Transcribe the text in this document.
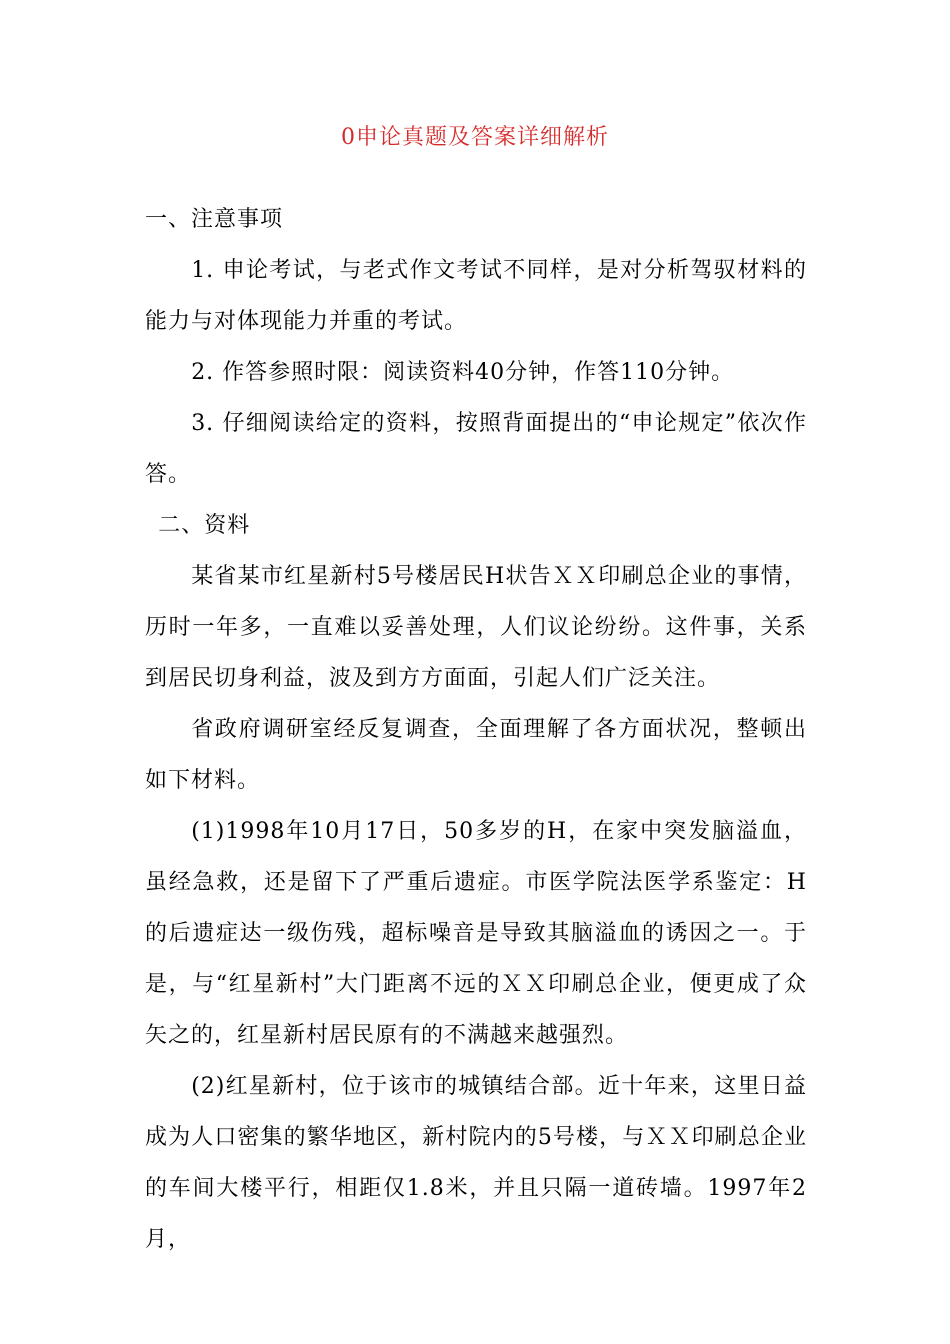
0申论真题及答案详细解析

一、注意事项

1. 申论考试，与老式作文考试不同样，是对分析驾驭材料的能力与对体现能力并重的考试。

2. 作答参照时限：阅读资料40分钟，作答110分钟。

3. 仔细阅读给定的资料，按照背面提出的“申论规定”依次作答。

二、资料

某省某市红星新村5号楼居民H状告ＸＸ印刷总企业的事情，历时一年多，一直难以妥善处理，人们议论纷纷。这件事，关系到居民切身利益，波及到方方面面，引起人们广泛关注。

省政府调研室经反复调查，全面理解了各方面状况，整顿出如下材料。

(1)1998年10月17日，50多岁的H，在家中突发脑溢血，虽经急救，还是留下了严重后遗症。市医学院法医学系鉴定：H的后遗症达一级伤残，超标噪音是导致其脑溢血的诱因之一。于是，与“红星新村”大门距离不远的ＸＸ印刷总企业，便更成了众矢之的，红星新村居民原有的不满越来越强烈。

(2)红星新村，位于该市的城镇结合部。近十年来，这里日益成为人口密集的繁华地区，新村院内的5号楼，与ＸＸ印刷总企业的车间大楼平行，相距仅1.8米，并且只隔一道砖墙。1997年2月，
